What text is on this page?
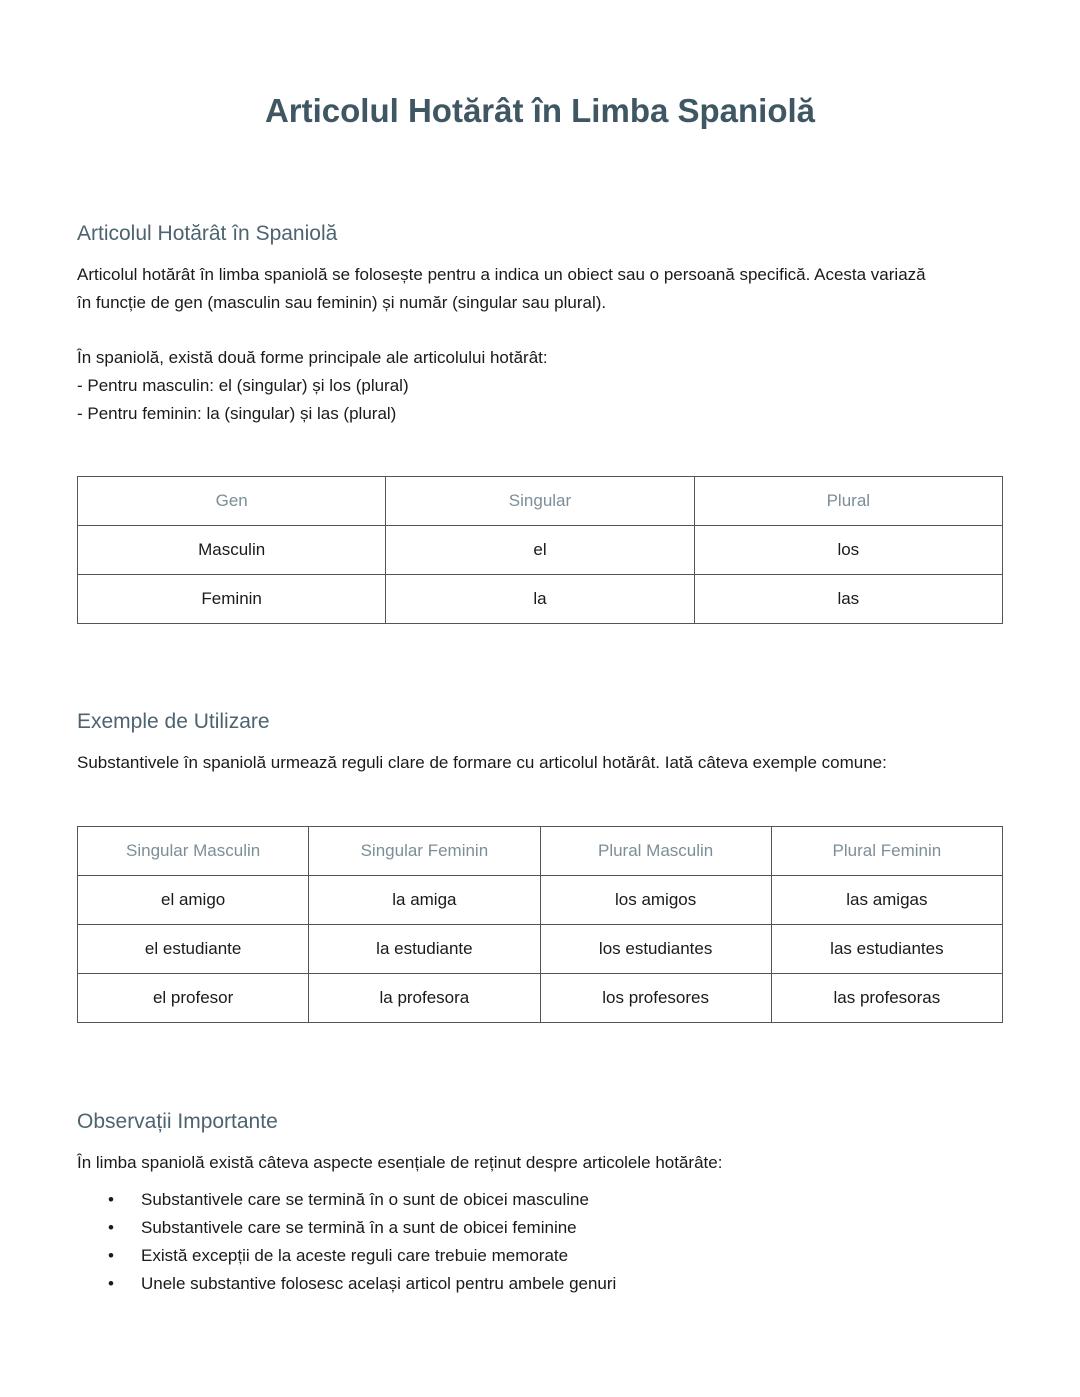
Articolul Hotărât în Limba Spaniolă
Articolul Hotărât în Spaniolă

Articolul hotărât în limba spaniolă se folosește pentru a indica un obiect sau o persoană specifică. Acesta variază
în funcție de gen (masculin sau feminin) și număr (singular sau plural).

În spaniolă, există două forme principale ale articolului hotărât:
- Pentru masculin: el (singular) și los (plural)
- Pentru feminin: la (singular) și las (plural)

Gen	Singular	Plural
Masculin	el	los
Feminin	la	las
Exemple de Utilizare

Substantivele în spaniolă urmează reguli clare de formare cu articolul hotărât. Iată câteva exemple comune:

Singular Masculin	Singular Feminin	Plural Masculin	Plural Feminin
el amigo	la amiga	los amigos	las amigas
el estudiante	la estudiante	los estudiantes	las estudiantes
el profesor	la profesora	los profesores	las profesoras
Observații Importante

În limba spaniolă există câteva aspecte esențiale de reținut despre articolele hotărâte:

• Substantivele care se termină în o sunt de obicei masculine
• Substantivele care se termină în a sunt de obicei feminine
• Există excepții de la aceste reguli care trebuie memorate
• Unele substantive folosesc același articol pentru ambele genuri
